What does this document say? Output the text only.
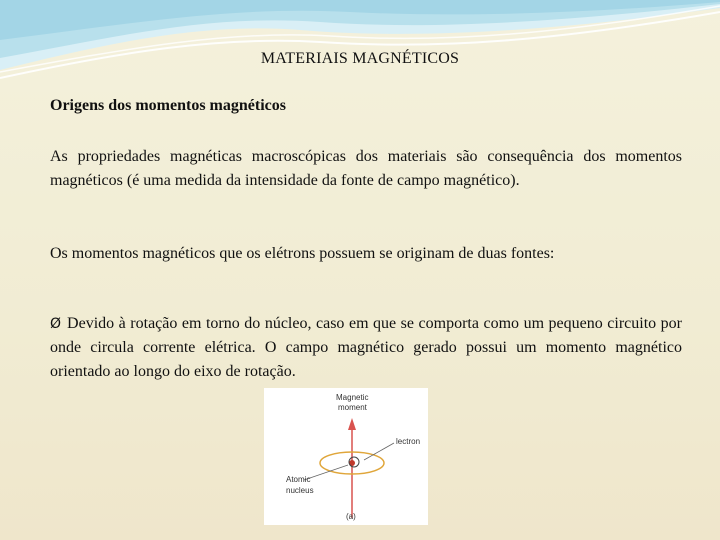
MATERIAIS MAGNÉTICOS
Origens dos momentos magnéticos
As propriedades magnéticas macroscópicas dos materiais são consequência dos momentos magnéticos (é uma medida da intensidade da fonte de campo magnético).
Os momentos magnéticos que os elétrons possuem se originam de duas fontes:
Ø Devido à rotação em torno do núcleo, caso em que se comporta como um pequeno circuito por onde circula corrente elétrica. O campo magnético gerado possui um momento magnético orientado ao longo do eixo de rotação.
Magnetic
moment
lectron
Atomic
nucleus
(a)
